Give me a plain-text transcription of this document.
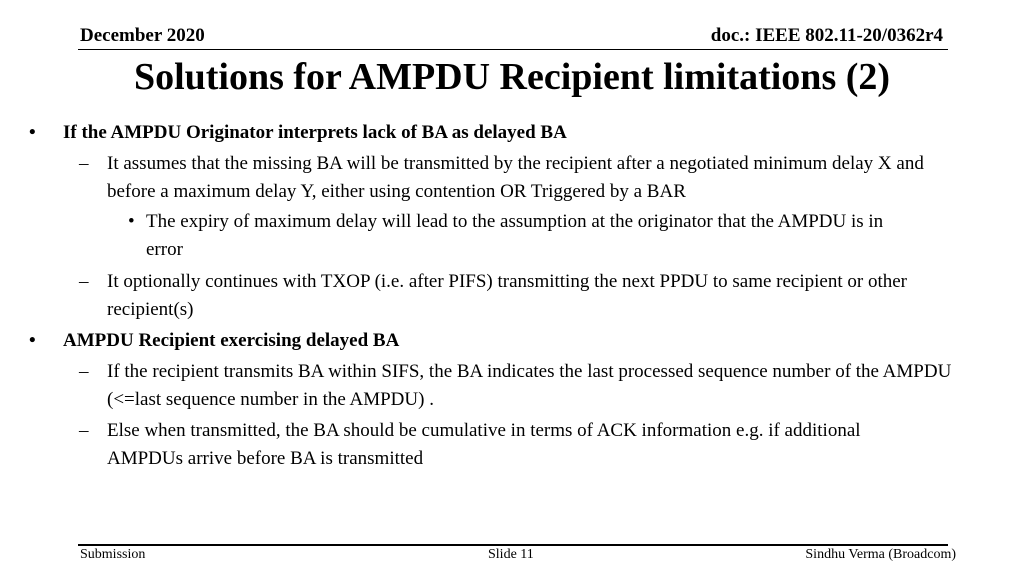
December 2020	doc.: IEEE 802.11-20/0362r4
Solutions for AMPDU Recipient limitations (2)
• If the AMPDU Originator interprets lack of BA as delayed BA
– It assumes that the missing BA will be transmitted by the recipient after a negotiated minimum delay X and before a maximum delay Y, either using contention OR Triggered by a BAR
• The expiry of maximum delay will lead to the assumption at the originator that the AMPDU is in error
– It optionally continues with TXOP (i.e. after PIFS) transmitting the next PPDU to same recipient or other recipient(s)
• AMPDU Recipient exercising delayed BA
– If the recipient transmits BA within SIFS, the BA indicates the last processed sequence number of the AMPDU (<=last sequence number in the AMPDU) .
– Else when transmitted, the BA should be cumulative in terms of ACK information e.g. if additional AMPDUs arrive before BA is transmitted
Submission	Slide 11	Sindhu Verma (Broadcom)
